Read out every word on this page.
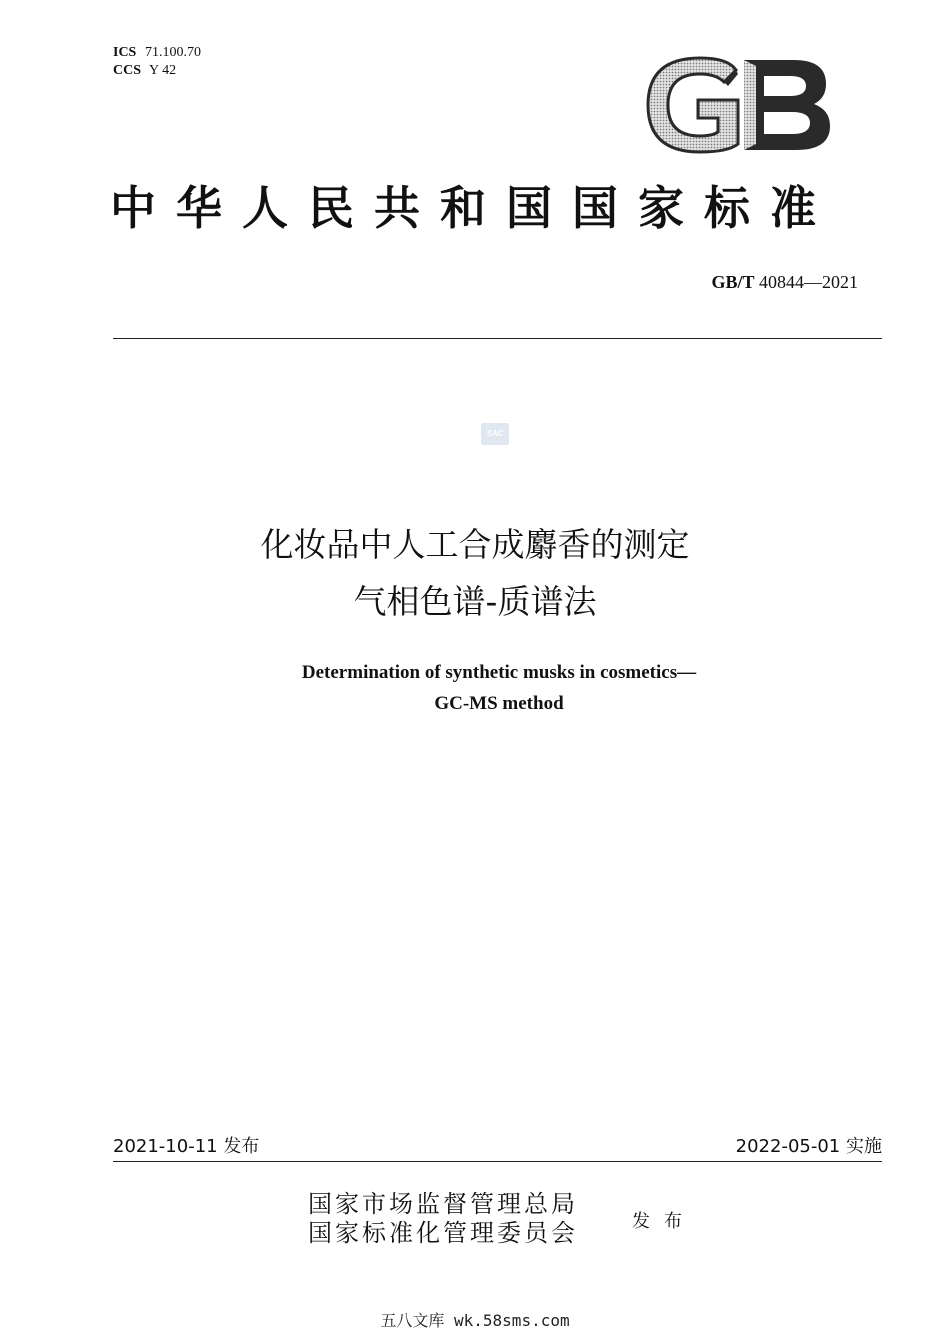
ICS 71.100.70
CCS Y 42
中华人民共和国国家标准
GB/T 40844—2021
SAC
化妆品中人工合成麝香的测定
气相色谱-质谱法
Determination of synthetic musks in cosmetics—
GC-MS method
2021-10-11 发布	2022-05-01 实施
国家市场监督管理总局
国家标准化管理委员会	发布
五八文库 wk.58sms.com
